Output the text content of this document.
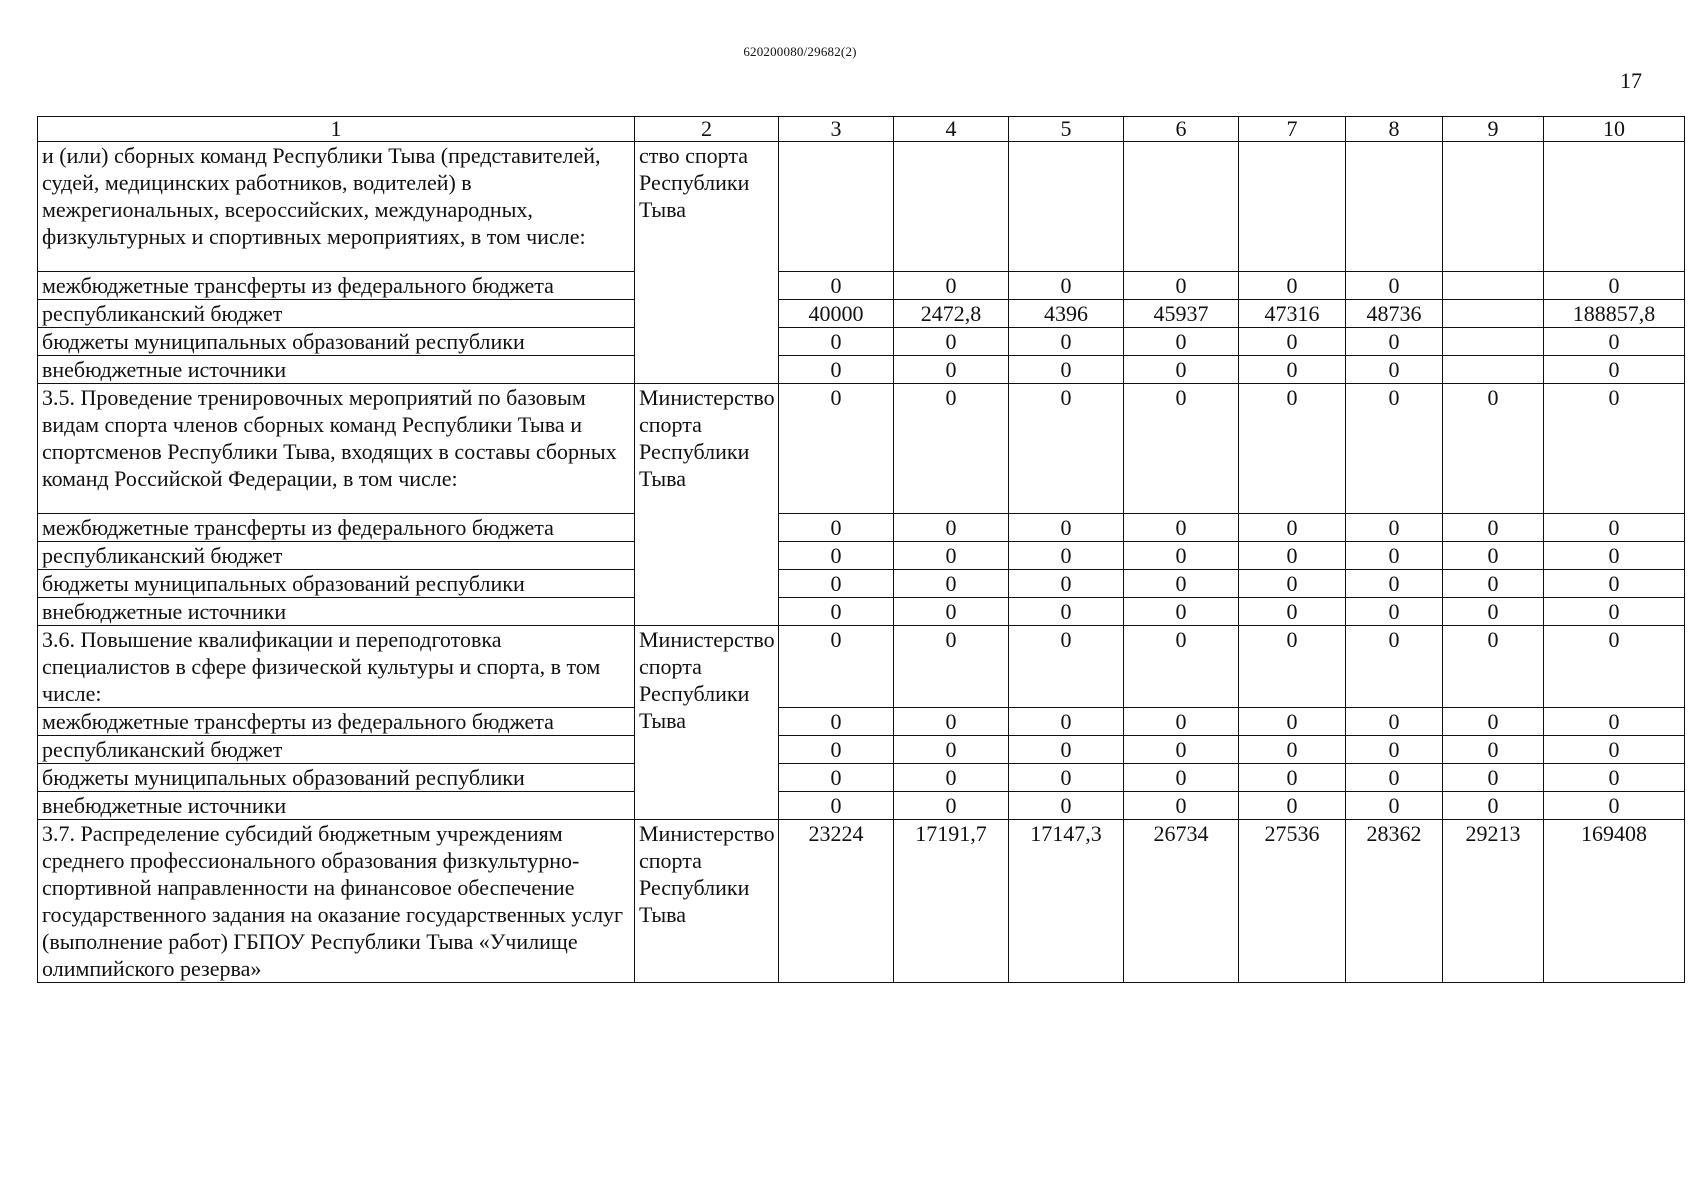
620200080/29682(2)
17
1	2	3	4	5	6	7	8	9	10
и (или) сборных команд Республики Тыва (представителей, судей, медицинских работников, водителей) в межрегиональных, всероссийских, международных, физкультурных и спортивных мероприятиях, в том числе:	ство спорта Республики Тыва								
межбюджетные трансферты из федерального бюджета		0	0	0	0	0	0		0
республиканский бюджет		40000	2472,8	4396	45937	47316	48736		188857,8
бюджеты муниципальных образований республики		0	0	0	0	0	0		0
внебюджетные источники		0	0	0	0	0	0		0
3.5. Проведение тренировочных мероприятий по базовым видам спорта членов сборных команд Республики Тыва и спортсменов Республики Тыва, входящих в составы сборных команд Российской Федерации, в том числе:	Министерство спорта Республики Тыва	0	0	0	0	0	0	0	0
межбюджетные трансферты из федерального бюджета		0	0	0	0	0	0	0	0
республиканский бюджет		0	0	0	0	0	0	0	0
бюджеты муниципальных образований республики		0	0	0	0	0	0	0	0
внебюджетные источники		0	0	0	0	0	0	0	0
3.6. Повышение квалификации и переподготовка специалистов в сфере физической культуры и спорта, в том числе:	Министерство спорта Республики Тыва	0	0	0	0	0	0	0	0
межбюджетные трансферты из федерального бюджета		0	0	0	0	0	0	0	0
республиканский бюджет		0	0	0	0	0	0	0	0
бюджеты муниципальных образований республики		0	0	0	0	0	0	0	0
внебюджетные источники		0	0	0	0	0	0	0	0
3.7. Распределение субсидий бюджетным учреждениям среднего профессионального образования физкультурно-спортивной направленности на финансовое обеспечение государственного задания на оказание государственных услуг (выполнение работ) ГБПОУ Республики Тыва «Училище олимпийского резерва»	Министерство спорта Республики Тыва	23224	17191,7	17147,3	26734	27536	28362	29213	169408
